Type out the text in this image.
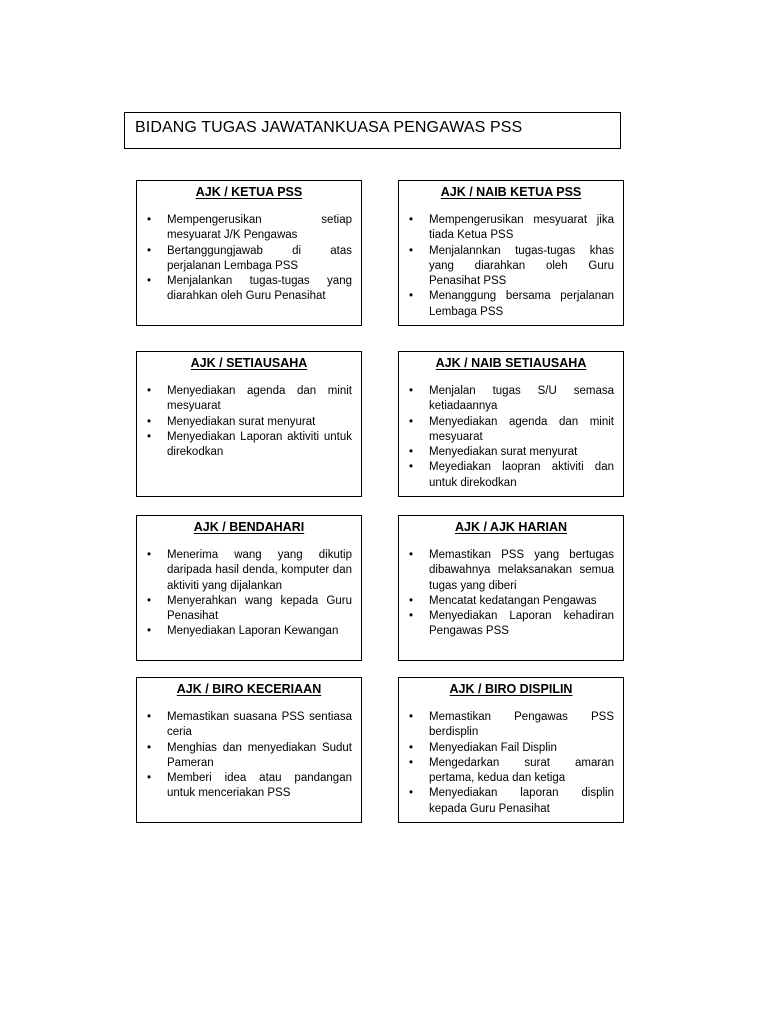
BIDANG TUGAS JAWATANKUASA PENGAWAS PSS
AJK / KETUA PSS
• Mempengerusikan setiap mesyuarat J/K Pengawas
• Bertanggungjawab di atas perjalanan Lembaga PSS
• Menjalankan tugas-tugas yang diarahkan oleh Guru Penasihat
AJK / NAIB KETUA PSS
• Mempengerusikan mesyuarat jika tiada Ketua PSS
• Menjalannkan tugas-tugas khas yang diarahkan oleh Guru Penasihat PSS
• Menanggung bersama perjalanan Lembaga PSS
AJK / SETIAUSAHA
• Menyediakan agenda dan minit mesyuarat
• Menyediakan surat menyurat
• Menyediakan Laporan aktiviti untuk direkodkan
AJK / NAIB SETIAUSAHA
• Menjalan tugas S/U semasa ketiadaannya
• Menyediakan agenda dan minit mesyuarat
• Menyediakan surat menyurat
• Meyediakan laopran aktiviti dan untuk direkodkan
AJK / BENDAHARI
• Menerima wang yang dikutip daripada hasil denda, komputer dan aktiviti yang dijalankan
• Menyerahkan wang kepada Guru Penasihat
• Menyediakan Laporan Kewangan
AJK / AJK HARIAN
• Memastikan PSS yang bertugas dibawahnya melaksanakan semua tugas yang diberi
• Mencatat kedatangan Pengawas
• Menyediakan Laporan kehadiran Pengawas PSS
AJK / BIRO KECERIAAN
• Memastikan suasana PSS sentiasa ceria
• Menghias dan menyediakan Sudut Pameran
• Memberi idea atau pandangan untuk menceriakan PSS
AJK / BIRO DISPILIN
• Memastikan Pengawas PSS berdisplin
• Menyediakan Fail Displin
• Mengedarkan surat amaran pertama, kedua dan ketiga
• Menyediakan laporan displin kepada Guru Penasihat
